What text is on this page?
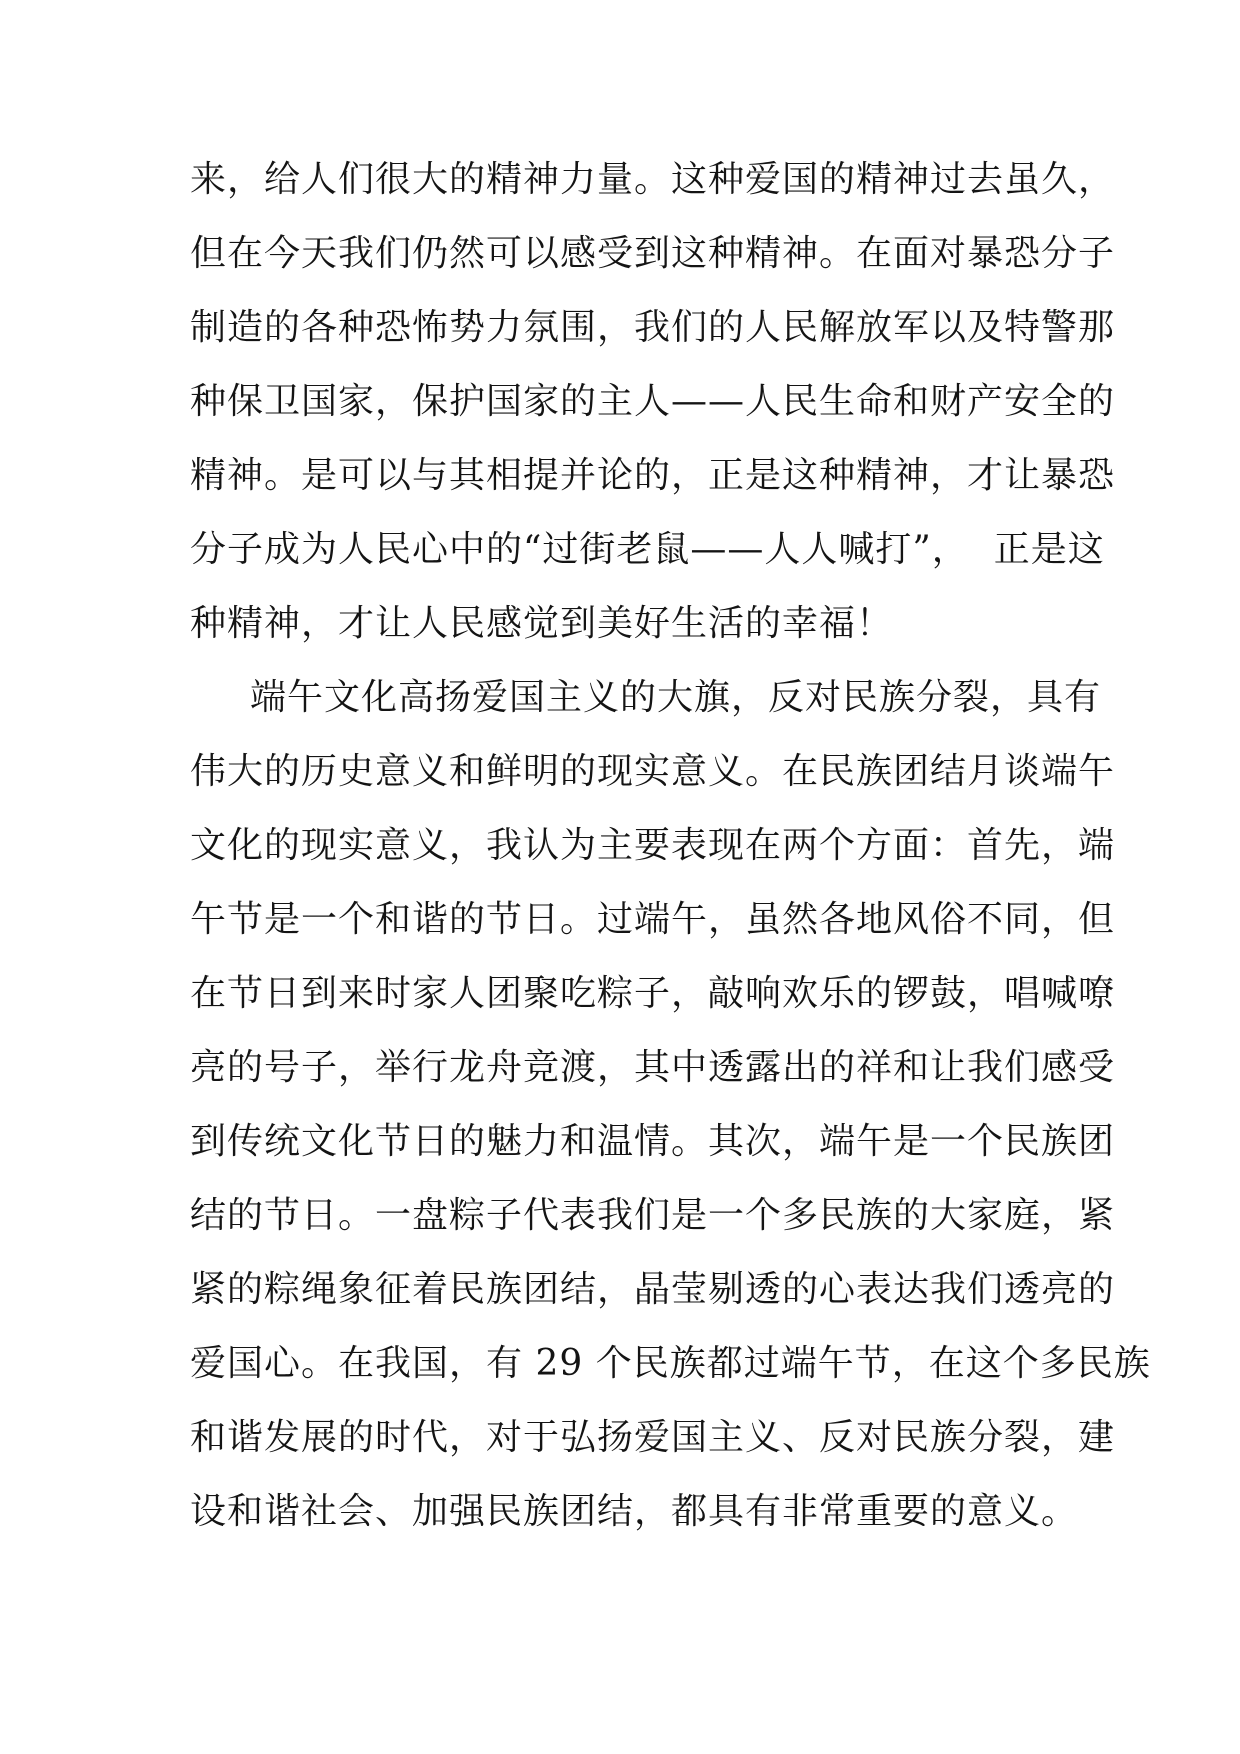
来，给人们很大的精神力量。这种爱国的精神过去虽久，
但在今天我们仍然可以感受到这种精神。在面对暴恐分子
制造的各种恐怖势力氛围，我们的人民解放军以及特警那
种保卫国家，保护国家的主人——人民生命和财产安全的
精神。是可以与其相提并论的，正是这种精神，才让暴恐
分子成为人民心中的“过街老鼠——人人喊打”，  正是这
种精神，才让人民感觉到美好生活的幸福！
端午文化高扬爱国主义的大旗，反对民族分裂，具有
伟大的历史意义和鲜明的现实意义。在民族团结月谈端午
文化的现实意义，我认为主要表现在两个方面：首先，端
午节是一个和谐的节日。过端午，虽然各地风俗不同，但
在节日到来时家人团聚吃粽子，敲响欢乐的锣鼓，唱喊嘹
亮的号子，举行龙舟竞渡，其中透露出的祥和让我们感受
到传统文化节日的魅力和温情。其次，端午是一个民族团
结的节日。一盘粽子代表我们是一个多民族的大家庭，紧
紧的粽绳象征着民族团结，晶莹剔透的心表达我们透亮的
爱国心。在我国，有 29 个民族都过端午节，在这个多民族
和谐发展的时代，对于弘扬爱国主义、反对民族分裂，建
设和谐社会、加强民族团结，都具有非常重要的意义。
